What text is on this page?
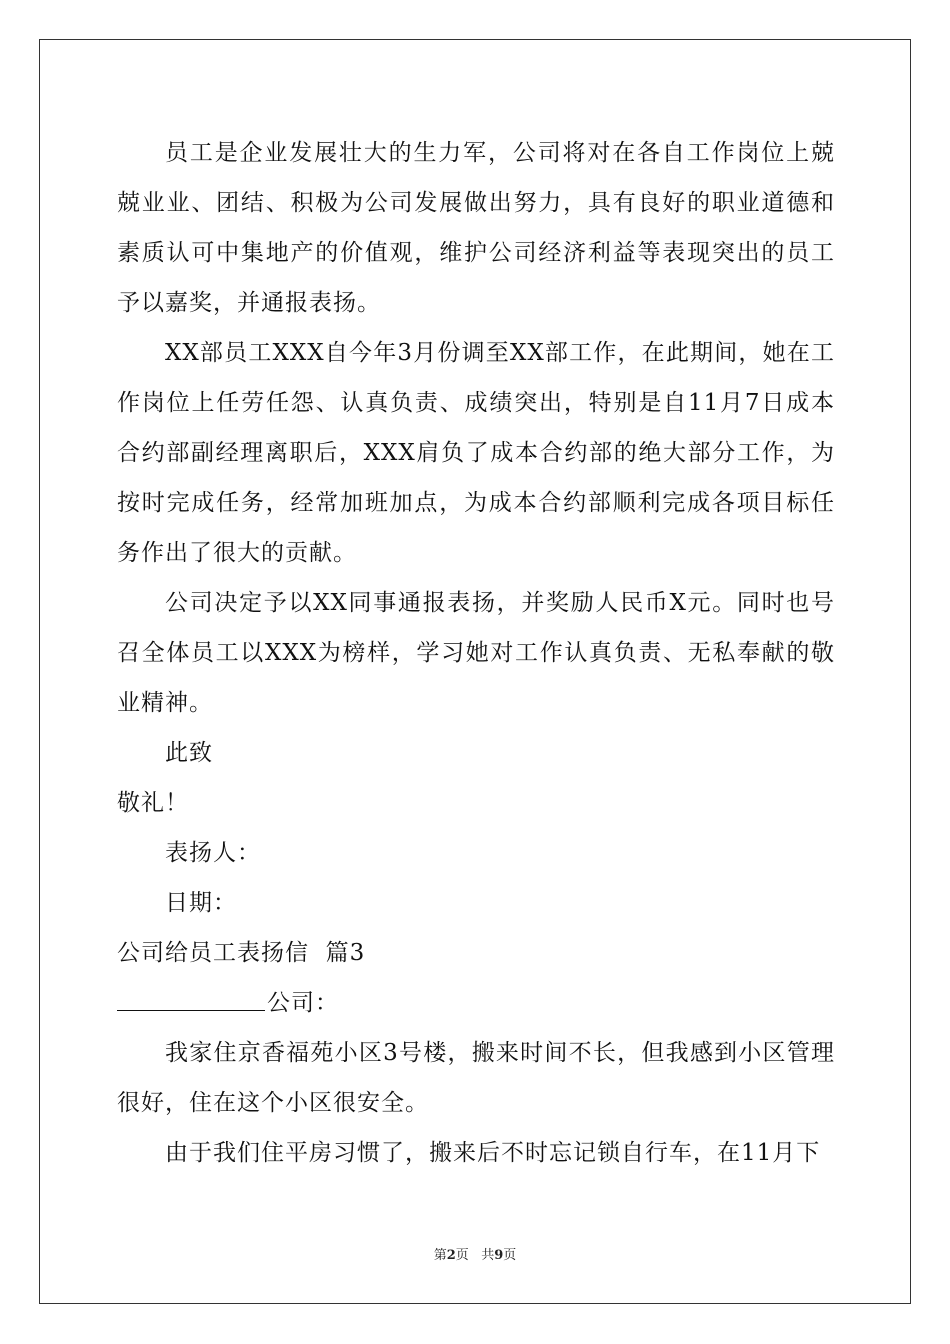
员工是企业发展壮大的生力军，公司将对在各自工作岗位上兢兢业业、团结、积极为公司发展做出努力，具有良好的职业道德和素质认可中集地产的价值观，维护公司经济利益等表现突出的员工予以嘉奖，并通报表扬。

XX部员工XXX自今年3月份调至XX部工作，在此期间，她在工作岗位上任劳任怨、认真负责、成绩突出，特别是自11月7日成本合约部副经理离职后，XXX肩负了成本合约部的绝大部分工作，为按时完成任务，经常加班加点，为成本合约部顺利完成各项目标任务作出了很大的贡献。

公司决定予以XX同事通报表扬，并奖励人民币X元。同时也号召全体员工以XXX为榜样，学习她对工作认真负责、无私奉献的敬业精神。

此致

敬礼！

表扬人：

日期：

公司给员工表扬信  篇3

公司：

我家住京香福苑小区3号楼，搬来时间不长，但我感到小区管理很好，住在这个小区很安全。

由于我们住平房习惯了，搬来后不时忘记锁自行车，在11月下

第2页   共9页
